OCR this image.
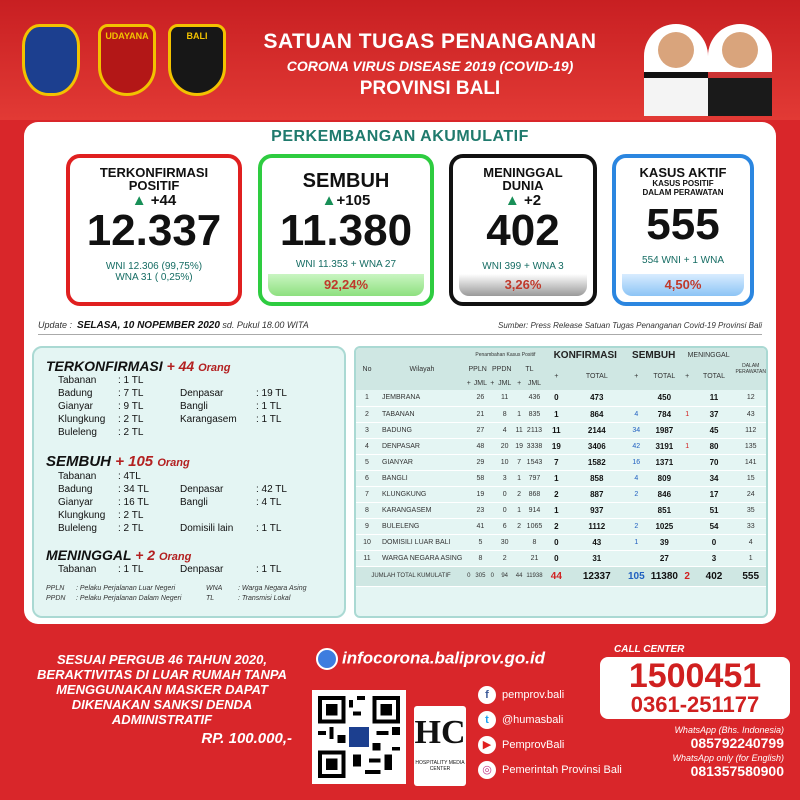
UDAYANA	BALI	SATUAN TUGAS PENANGANAN
CORONA VIRUS DISEASE 2019 (COVID-19)
PROVINSI BALI
PERKEMBANGAN AKUMULATIF
TERKONFIRMASI POSITIF
▲ +44
12.337
WNI 12.306 (99,75%)
WNA 31 ( 0,25%)
SEMBUH
▲+105
11.380
WNI 11.353 + WNA 27
92,24%
MENINGGAL DUNIA
▲ +2
402
WNI 399 + WNA 3
3,26%
KASUS AKTIF
KASUS POSITIF DALAM PERAWATAN
555
554 WNI + 1 WNA
4,50%
Update : SELASA, 10 NOPEMBER 2020 sd. Pukul 18.00 WITA	Sumber: Press Release Satuan Tugas Penanganan Covid-19 Provinsi Bali
TERKONFIRMASI + 44 Orang
Tabanan	: 1 TL
Badung	: 7 TL	Denpasar	: 19 TL
Gianyar	: 9 TL	Bangli	: 1 TL
Klungkung	: 2 TL	Karangasem	: 1 TL
Buleleng	: 2 TL
SEMBUH + 105 Orang
Tabanan	: 4TL
Badung	: 34 TL	Denpasar	: 42 TL
Gianyar	: 16 TL	Bangli	: 4 TL
Klungkung	: 2 TL
Buleleng	: 2 TL	Domisili lain	: 1 TL
MENINGGAL + 2 Orang
Tabanan	: 1 TL	Denpasar	: 1 TL
PPLN	: Pelaku Perjalanan Luar Negeri	WNA	: Warga Negara Asing
PPDN	: Pelaku Perjalanan Dalam Negeri	TL	: Transmisi Lokal
No	Wilayah	Penambahan Kasus Positif						KONFIRMASI		SEMBUH		MENINGGAL		DALAM PERAWATAN
		PPLN		PPDN		TL		+	TOTAL	+	TOTAL	+	TOTAL	
		+	JML	+	JML	+	JML							
1	JEMBRANA		26		11		436	0	473		450		11	12
2	TABANAN		21		8	1	835	1	864	4	784	1	37	43
3	BADUNG		27		4	11	2113	11	2144	34	1987		45	112
4	DENPASAR		48		20	19	3338	19	3406	42	3191	1	80	135
5	GIANYAR		29		10	7	1543	7	1582	16	1371		70	141
6	BANGLI		58		3	1	797	1	858	4	809		34	15
7	KLUNGKUNG		19		0	2	868	2	887	2	846		17	24
8	KARANGASEM		23		0	1	914	1	937		851		51	35
9	BULELENG		41		6	2	1065	2	1112	2	1025		54	33
10	DOMISILI LUAR BALI		5		30		8	0	43	1	39		0	4
11	WARGA NEGARA ASING		8		2		21	0	31		27		3	1
JUMLAH TOTAL KUMULATIF		0	305	0	94	44	11938	44	12337	105	11380	2	402	555
SESUAI PERGUB 46 TAHUN 2020, BERAKTIVITAS DI LUAR RUMAH TANPA MENGGUNAKAN MASKER DAPAT DIKENAKAN SANKSI DENDA ADMINISTRATIF
RP. 100.000,-
infocorona.baliprov.go.id
HC
HOSPITALITY MEDIA CENTER
f	pemprov.bali
t	@humasbali
▶ PemprovBali
◎ Pemerintah Provinsi Bali
CALL CENTER
1500451
0361-251177
WhatsApp (Bhs. Indonesia)
085792240799
WhatsApp only (for English)
081357580900
